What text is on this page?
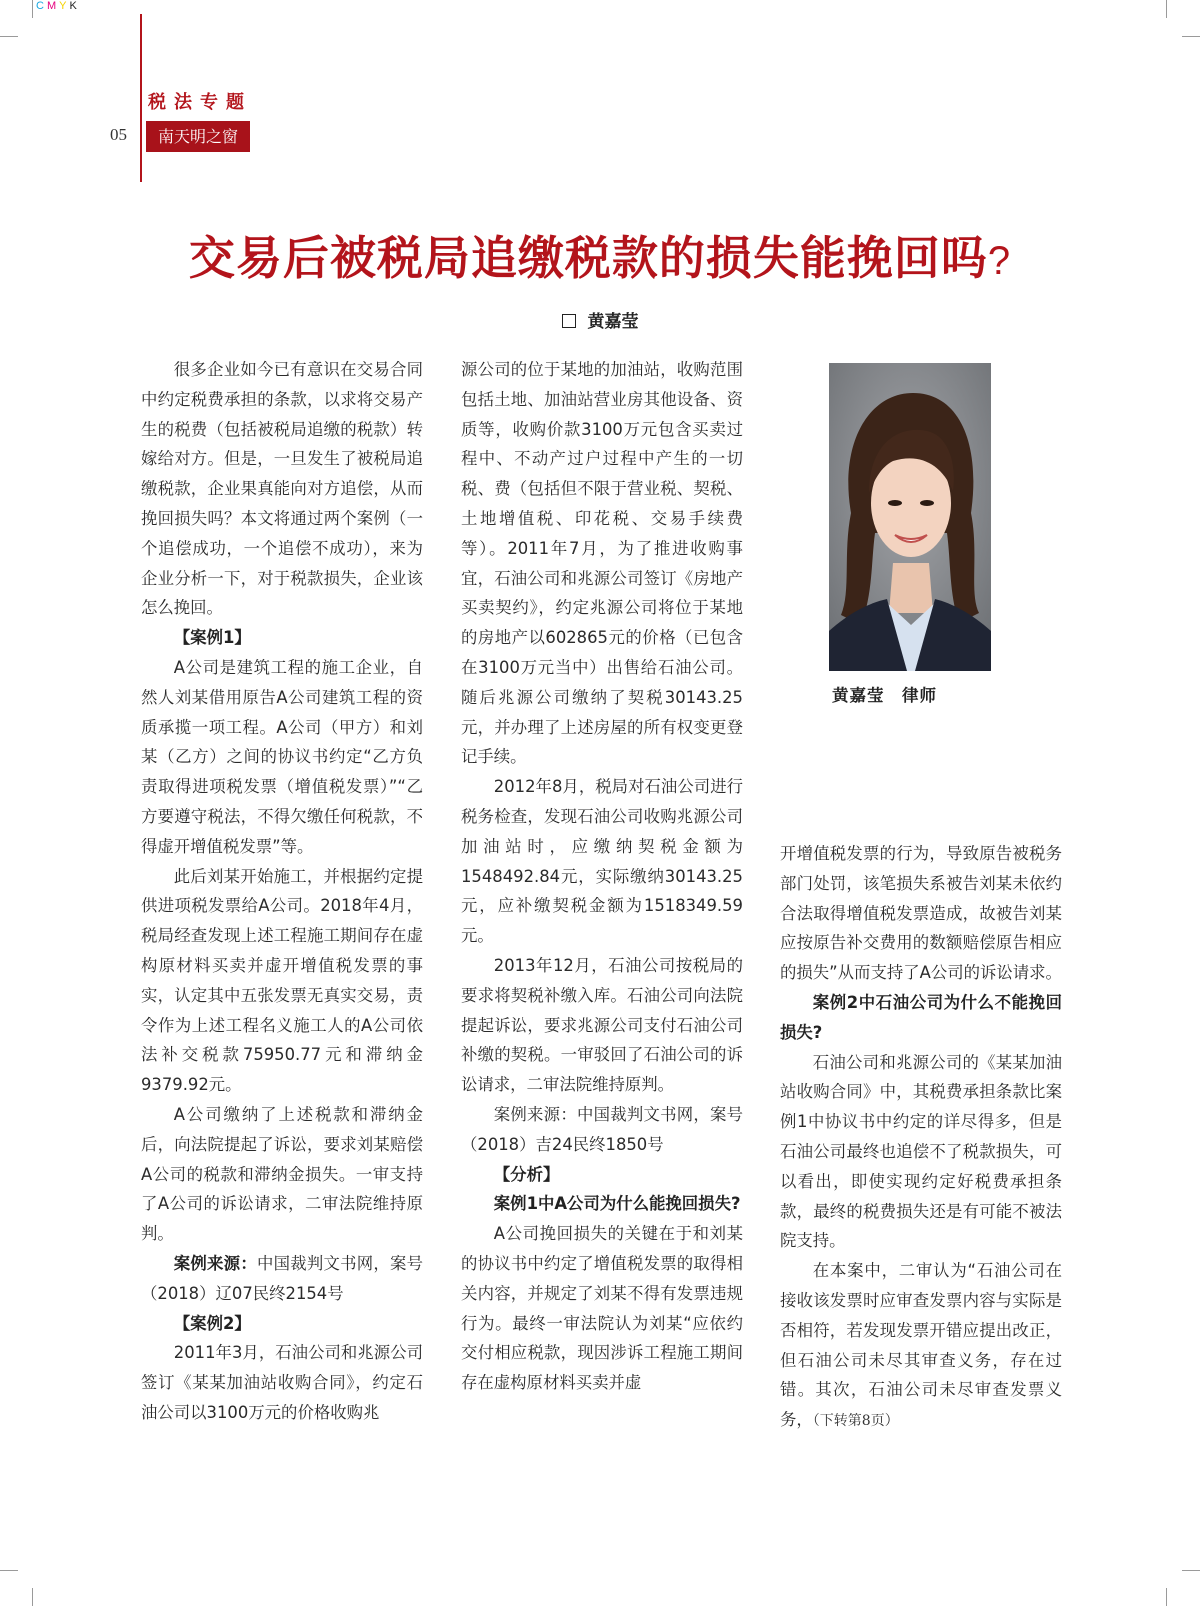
CMYK
税法专题
05	南天明之窗
交易后被税局追缴税款的损失能挽回吗?
黄嘉莹

很多企业如今已有意识在交易合同中约定税费承担的条款，以求将交易产生的税费（包括被税局追缴的税款）转嫁给对方。但是，一旦发生了被税局追缴税款，企业果真能向对方追偿，从而挽回损失吗？本文将通过两个案例（一个追偿成功，一个追偿不成功），来为企业分析一下，对于税款损失，企业该怎么挽回。

【案例1】

A公司是建筑工程的施工企业，自然人刘某借用原告A公司建筑工程的资质承揽一项工程。A公司（甲方）和刘某（乙方）之间的协议书约定“乙方负责取得进项税发票（增值税发票）”“乙方要遵守税法，不得欠缴任何税款，不得虚开增值税发票”等。

此后刘某开始施工，并根据约定提供进项税发票给A公司。2018年4月，税局经查发现上述工程施工期间存在虚构原材料买卖并虚开增值税发票的事实，认定其中五张发票无真实交易，责令作为上述工程名义施工人的A公司依法补交税款75950.77元和滞纳金9379.92元。

A公司缴纳了上述税款和滞纳金后，向法院提起了诉讼，要求刘某赔偿A公司的税款和滞纳金损失。一审支持了A公司的诉讼请求，二审法院维持原判。

案例来源：中国裁判文书网，案号（2018）辽07民终2154号

【案例2】

2011年3月，石油公司和兆源公司签订《某某加油站收购合同》，约定石油公司以3100万元的价格收购兆

源公司的位于某地的加油站，收购范围包括土地、加油站营业房其他设备、资质等，收购价款3100万元包含买卖过程中、不动产过户过程中产生的一切税、费（包括但不限于营业税、契税、土地增值税、印花税、交易手续费等）。2011年7月，为了推进收购事宜，石油公司和兆源公司签订《房地产买卖契约》，约定兆源公司将位于某地的房地产以602865元的价格（已包含在3100万元当中）出售给石油公司。随后兆源公司缴纳了契税30143.25元，并办理了上述房屋的所有权变更登记手续。

2012年8月，税局对石油公司进行税务检查，发现石油公司收购兆源公司加油站时，应缴纳契税金额为1548492.84元，实际缴纳30143.25元，应补缴契税金额为1518349.59元。

2013年12月，石油公司按税局的要求将契税补缴入库。石油公司向法院提起诉讼，要求兆源公司支付石油公司补缴的契税。一审驳回了石油公司的诉讼请求，二审法院维持原判。

案例来源：中国裁判文书网，案号（2018）吉24民终1850号

【分析】

案例1中A公司为什么能挽回损失?

A公司挽回损失的关键在于和刘某的协议书中约定了增值税发票的取得相关内容，并规定了刘某不得有发票违规行为。最终一审法院认为刘某“应依约交付相应税款，现因涉诉工程施工期间存在虚构原材料买卖并虚

黄嘉莹　律师

开增值税发票的行为，导致原告被税务部门处罚，该笔损失系被告刘某未依约合法取得增值税发票造成，故被告刘某应按原告补交费用的数额赔偿原告相应的损失”从而支持了A公司的诉讼请求。

案例2中石油公司为什么不能挽回损失?

石油公司和兆源公司的《某某加油站收购合同》中，其税费承担条款比案例1中协议书中约定的详尽得多，但是石油公司最终也追偿不了税款损失，可以看出，即使实现约定好税费承担条款，最终的税费损失还是有可能不被法院支持。

在本案中，二审认为“石油公司在接收该发票时应审查发票内容与实际是否相符，若发现发票开错应提出改正，但石油公司未尽其审查义务，存在过错。其次，石油公司未尽审查发票义务，（下转第8页）
